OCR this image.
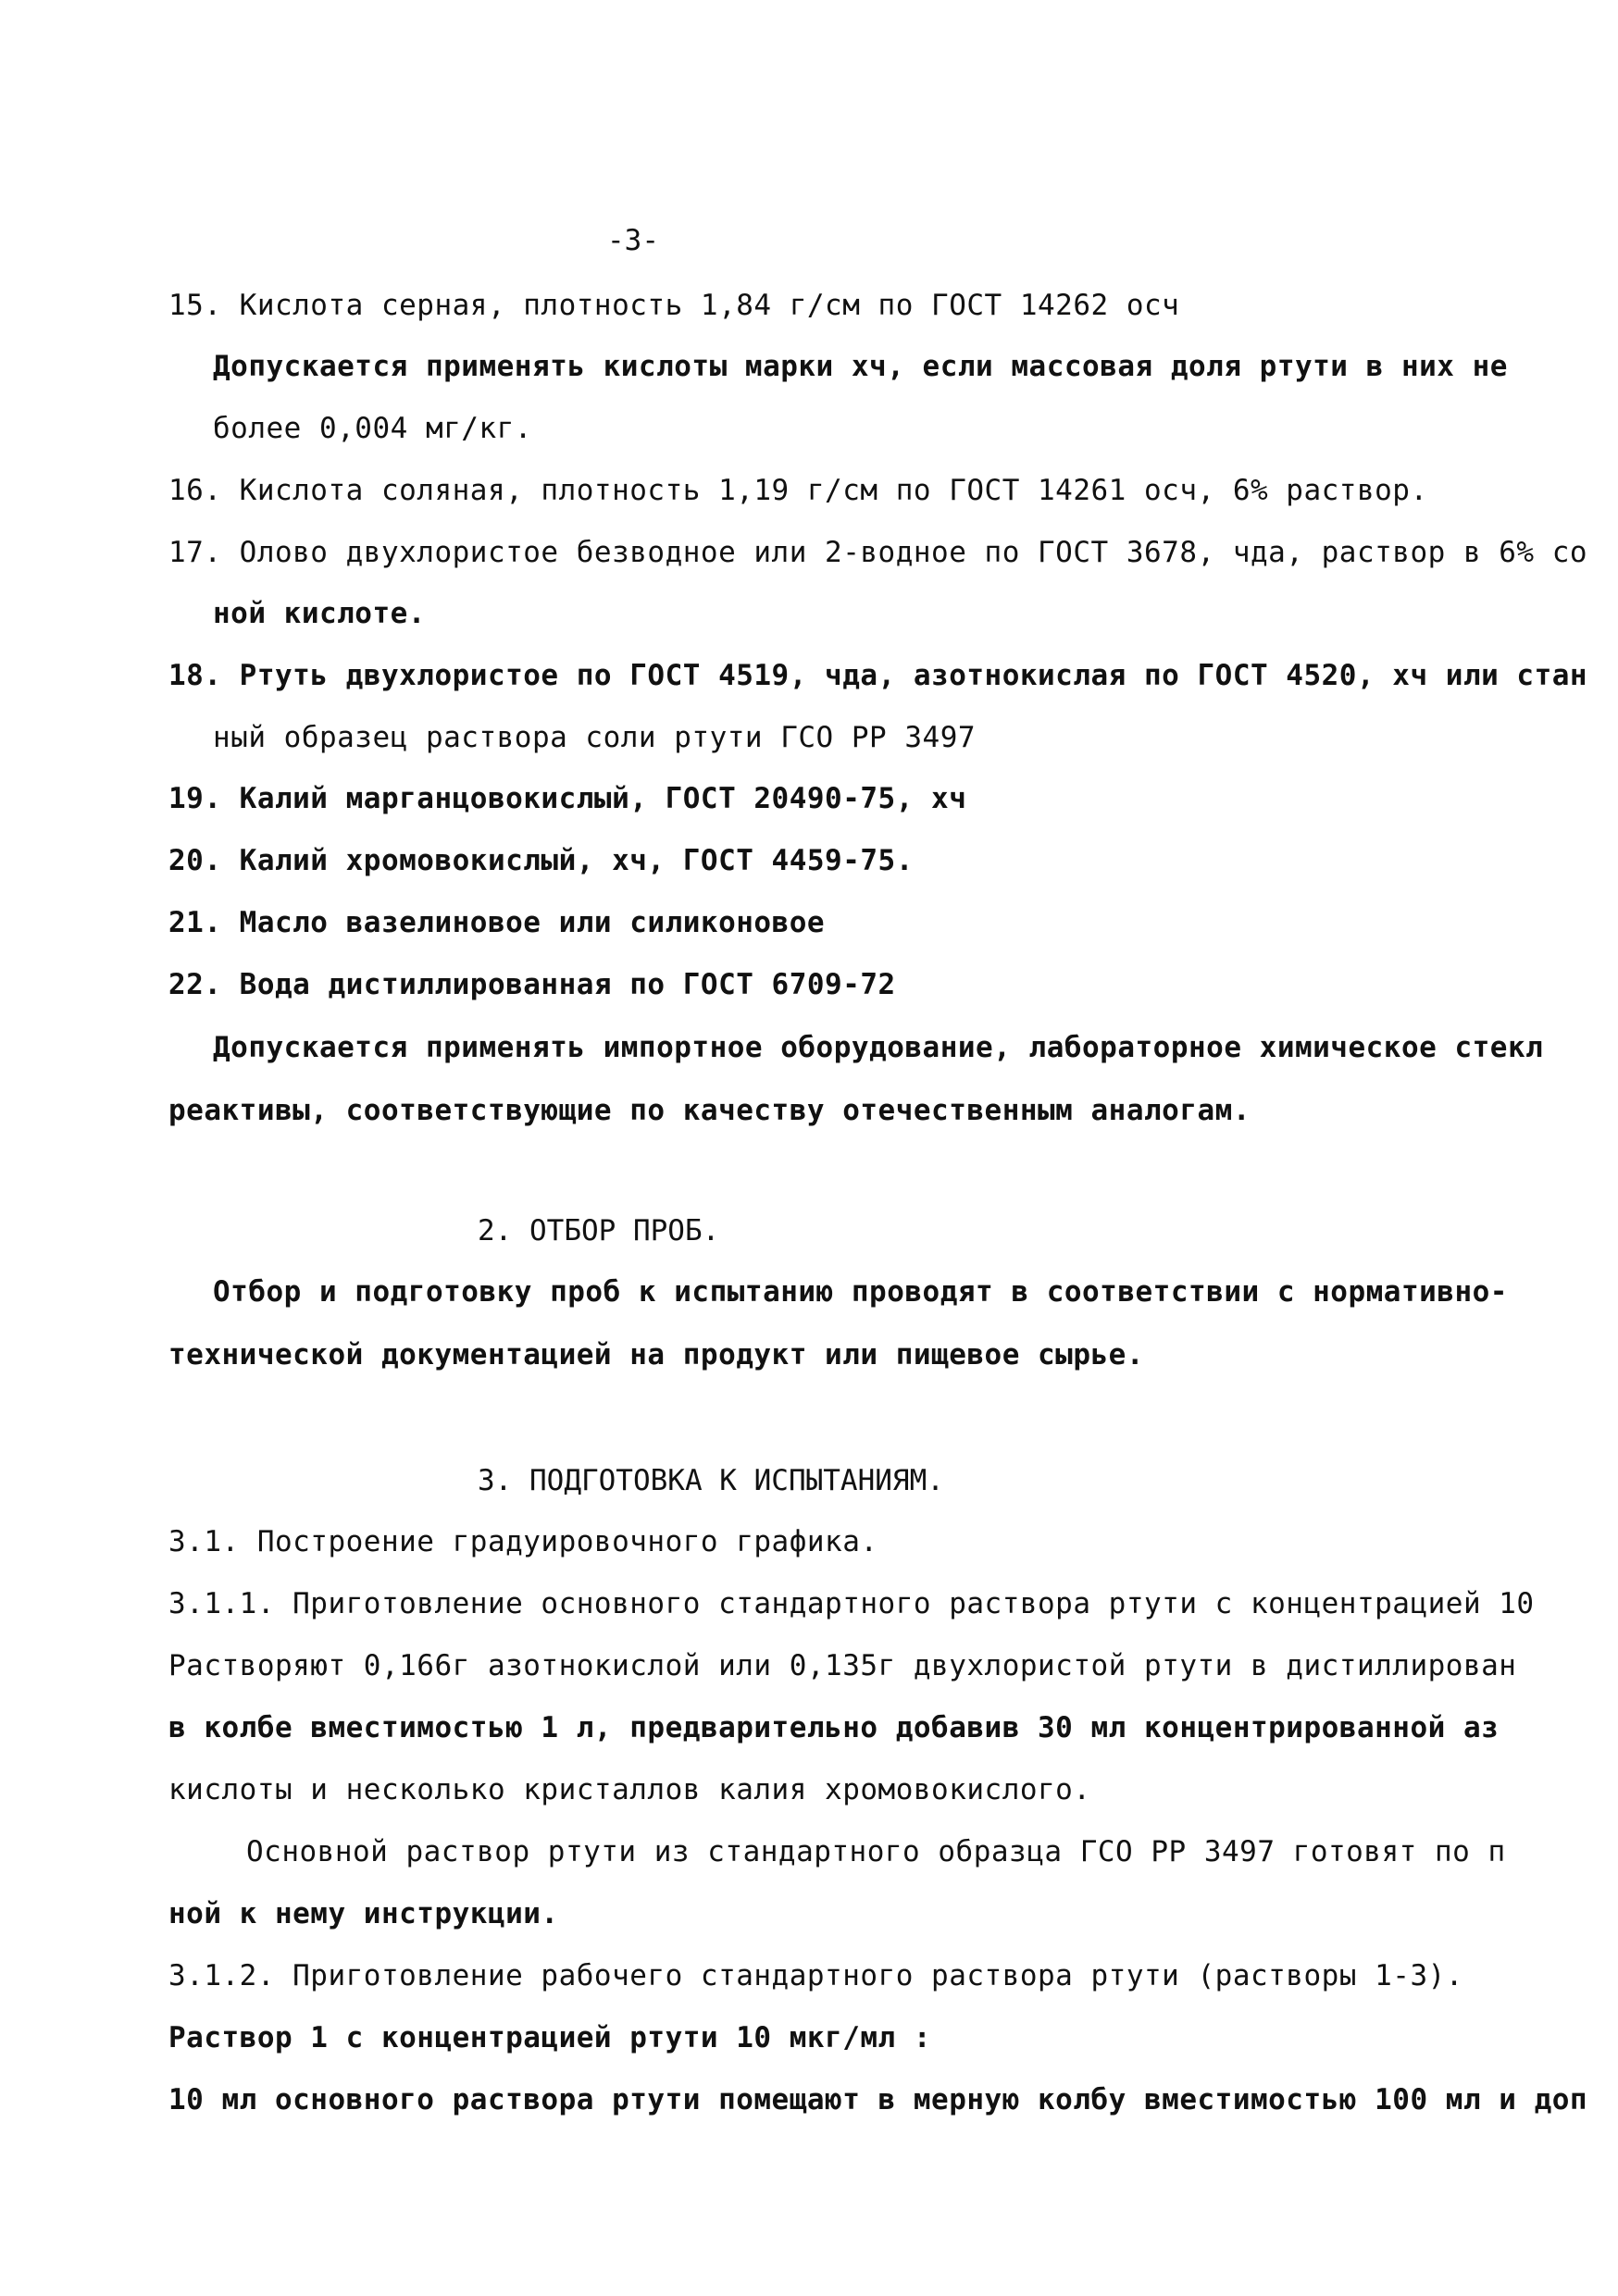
-3-
15. Кислота серная, плотность 1,84 г/см по ГОСТ 14262 осч
Допускается применять кислоты марки хч, если массовая доля ртути в них не
более 0,004 мг/кг.
16. Кислота соляная, плотность 1,19 г/см по ГОСТ 14261 осч, 6% раствор.
17. Олово двухлористое безводное или 2-водное по ГОСТ 3678, чда, раствор в 6% со
ной кислоте.
18. Ртуть двухлористое по ГОСТ 4519, чда, азотнокислая по ГОСТ 4520, хч или стан
ный образец раствора соли ртути ГСО РР 3497
19. Калий марганцовокислый, ГОСТ 20490-75, хч
20. Калий хромовокислый, хч, ГОСТ 4459-75.
21. Масло вазелиновое или силиконовое
22. Вода дистиллированная по ГОСТ 6709-72
Допускается применять импортное оборудование, лабораторное химическое стекл
реактивы, соответствующие по качеству отечественным аналогам.
2. ОТБОР ПРОБ.
Отбор и подготовку проб к испытанию проводят в соответствии с нормативно-
технической документацией на продукт или пищевое сырье.
3. ПОДГОТОВКА К ИСПЫТАНИЯМ.
3.1. Построение градуировочного графика.
3.1.1. Приготовление основного стандартного раствора ртути с концентрацией 10
Растворяют 0,166г азотнокислой или 0,135г двухлористой ртути в дистиллирован
в колбе вместимостью 1 л, предварительно добавив 30 мл концентрированной аз
кислоты и несколько кристаллов калия хромовокислого.
Основной раствор ртути из стандартного образца ГСО РР 3497 готовят по п
ной к нему инструкции.
3.1.2. Приготовление рабочего стандартного раствора ртути (растворы 1-3).
Раствор 1 с концентрацией ртути 10 мкг/мл :
10 мл основного раствора ртути помещают в мерную колбу вместимостью 100 мл и доп
